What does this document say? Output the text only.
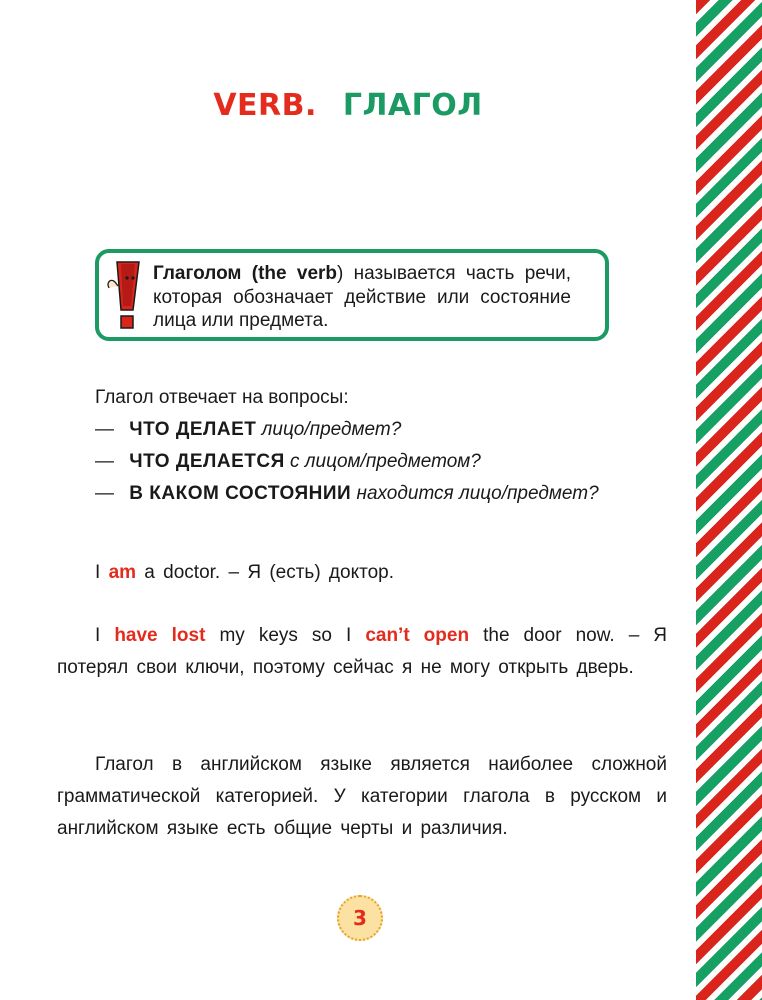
VERB. ГЛАГОЛ
Глаголом (the verb) называется часть речи, которая обозначает действие или состояние лица или предмета.
Глагол отвечает на вопросы:
— ЧТО ДЕЛАЕТ лицо/предмет?
— ЧТО ДЕЛАЕТСЯ с лицом/предметом?
— В КАКОМ СОСТОЯНИИ находится лицо/предмет?
I am a doctor. – Я (есть) доктор.
I have lost my keys so I can’t open the door now. – Я потерял свои ключи, поэтому сейчас я не могу открыть дверь.
Глагол в английском языке является наиболее сложной грамматической категорией. У категории глагола в русском и английском языке есть общие черты и различия.
3
